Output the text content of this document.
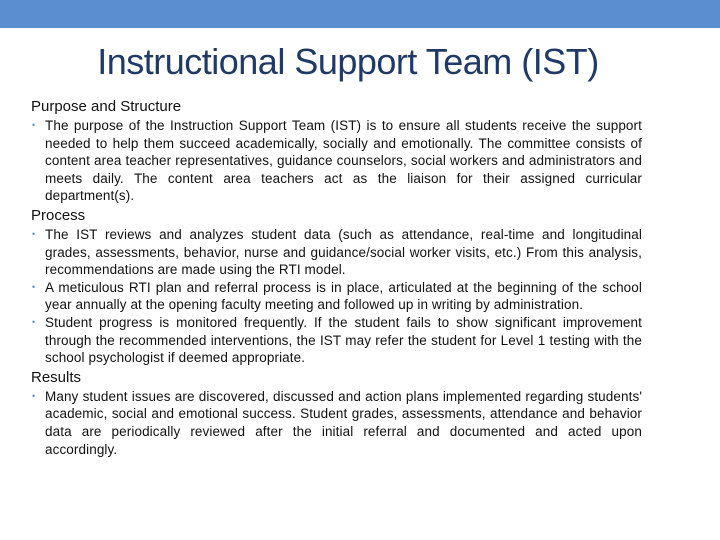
Instructional Support Team (IST)
Purpose and Structure
• The purpose of the Instruction Support Team (IST) is to ensure all students receive the support needed to help them succeed academically, socially and emotionally. The committee consists of content area teacher representatives, guidance counselors, social workers and administrators and meets daily. The content area teachers act as the liaison for their assigned curricular department(s).
Process
• The IST reviews and analyzes student data (such as attendance, real-time and longitudinal grades, assessments, behavior, nurse and guidance/social worker visits, etc.) From this analysis, recommendations are made using the RTI model.
• A meticulous RTI plan and referral process is in place, articulated at the beginning of the school year annually at the opening faculty meeting and followed up in writing by administration.
• Student progress is monitored frequently. If the student fails to show significant improvement through the recommended interventions, the IST may refer the student for Level 1 testing with the school psychologist if deemed appropriate.
Results
• Many student issues are discovered, discussed and action plans implemented regarding students' academic, social and emotional success. Student grades, assessments, attendance and behavior data are periodically reviewed after the initial referral and documented and acted upon accordingly.
